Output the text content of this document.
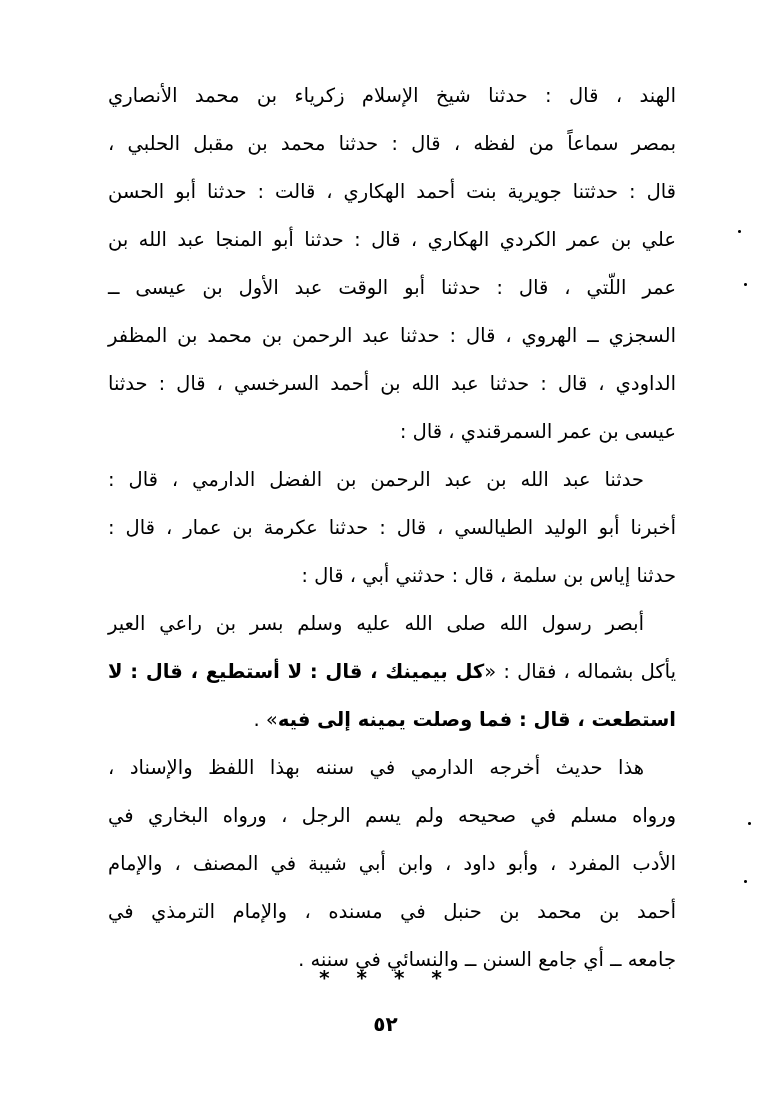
الهند ، قال : حدثنا شيخ الإسلام زكرياء بن محمد الأنصاري
بمصر سماعاً من لفظه ، قال : حدثنا محمد بن مقبل الحلبي ،
قال : حدثتنا جويرية بنت أحمد الهكاري ، قالت : حدثنا أبو الحسن
علي بن عمر الكردي الهكاري ، قال : حدثنا أبو المنجا عبد الله بن
عمر اللّتي ، قال : حدثنا أبو الوقت عبد الأول بن عيسى ــ
السجزي ــ الهروي ، قال : حدثنا عبد الرحمن بن محمد بن المظفر
الداودي ، قال : حدثنا عبد الله بن أحمد السرخسي ، قال : حدثنا
عيسى بن عمر السمرقندي ، قال :
حدثنا عبد الله بن عبد الرحمن بن الفضل الدارمي ، قال :
أخبرنا أبو الوليد الطيالسي ، قال : حدثنا عكرمة بن عمار ، قال :
حدثنا إياس بن سلمة ، قال : حدثني أبي ، قال :
أبصر رسول الله صلى الله عليه وسلم بسر بن راعي العير
يأكل بشماله ، فقال : «كل بيمينك ، قال : لا أستطيع ، قال : لا
استطعت ، قال : فما وصلت يمينه إلى فيه» .
هذا حديث أخرجه الدارمي في سننه بهذا اللفظ والإسناد ،
ورواه مسلم في صحيحه ولم يسم الرجل ، ورواه البخاري في
الأدب المفرد ، وأبو داود ، وابن أبي شيبة في المصنف ، والإمام
أحمد بن محمد بن حنبل في مسنده ، والإمام الترمذي في
جامعه ــ أي جامع السنن ــ والنسائي في سننه .
* * * *
٥٢
